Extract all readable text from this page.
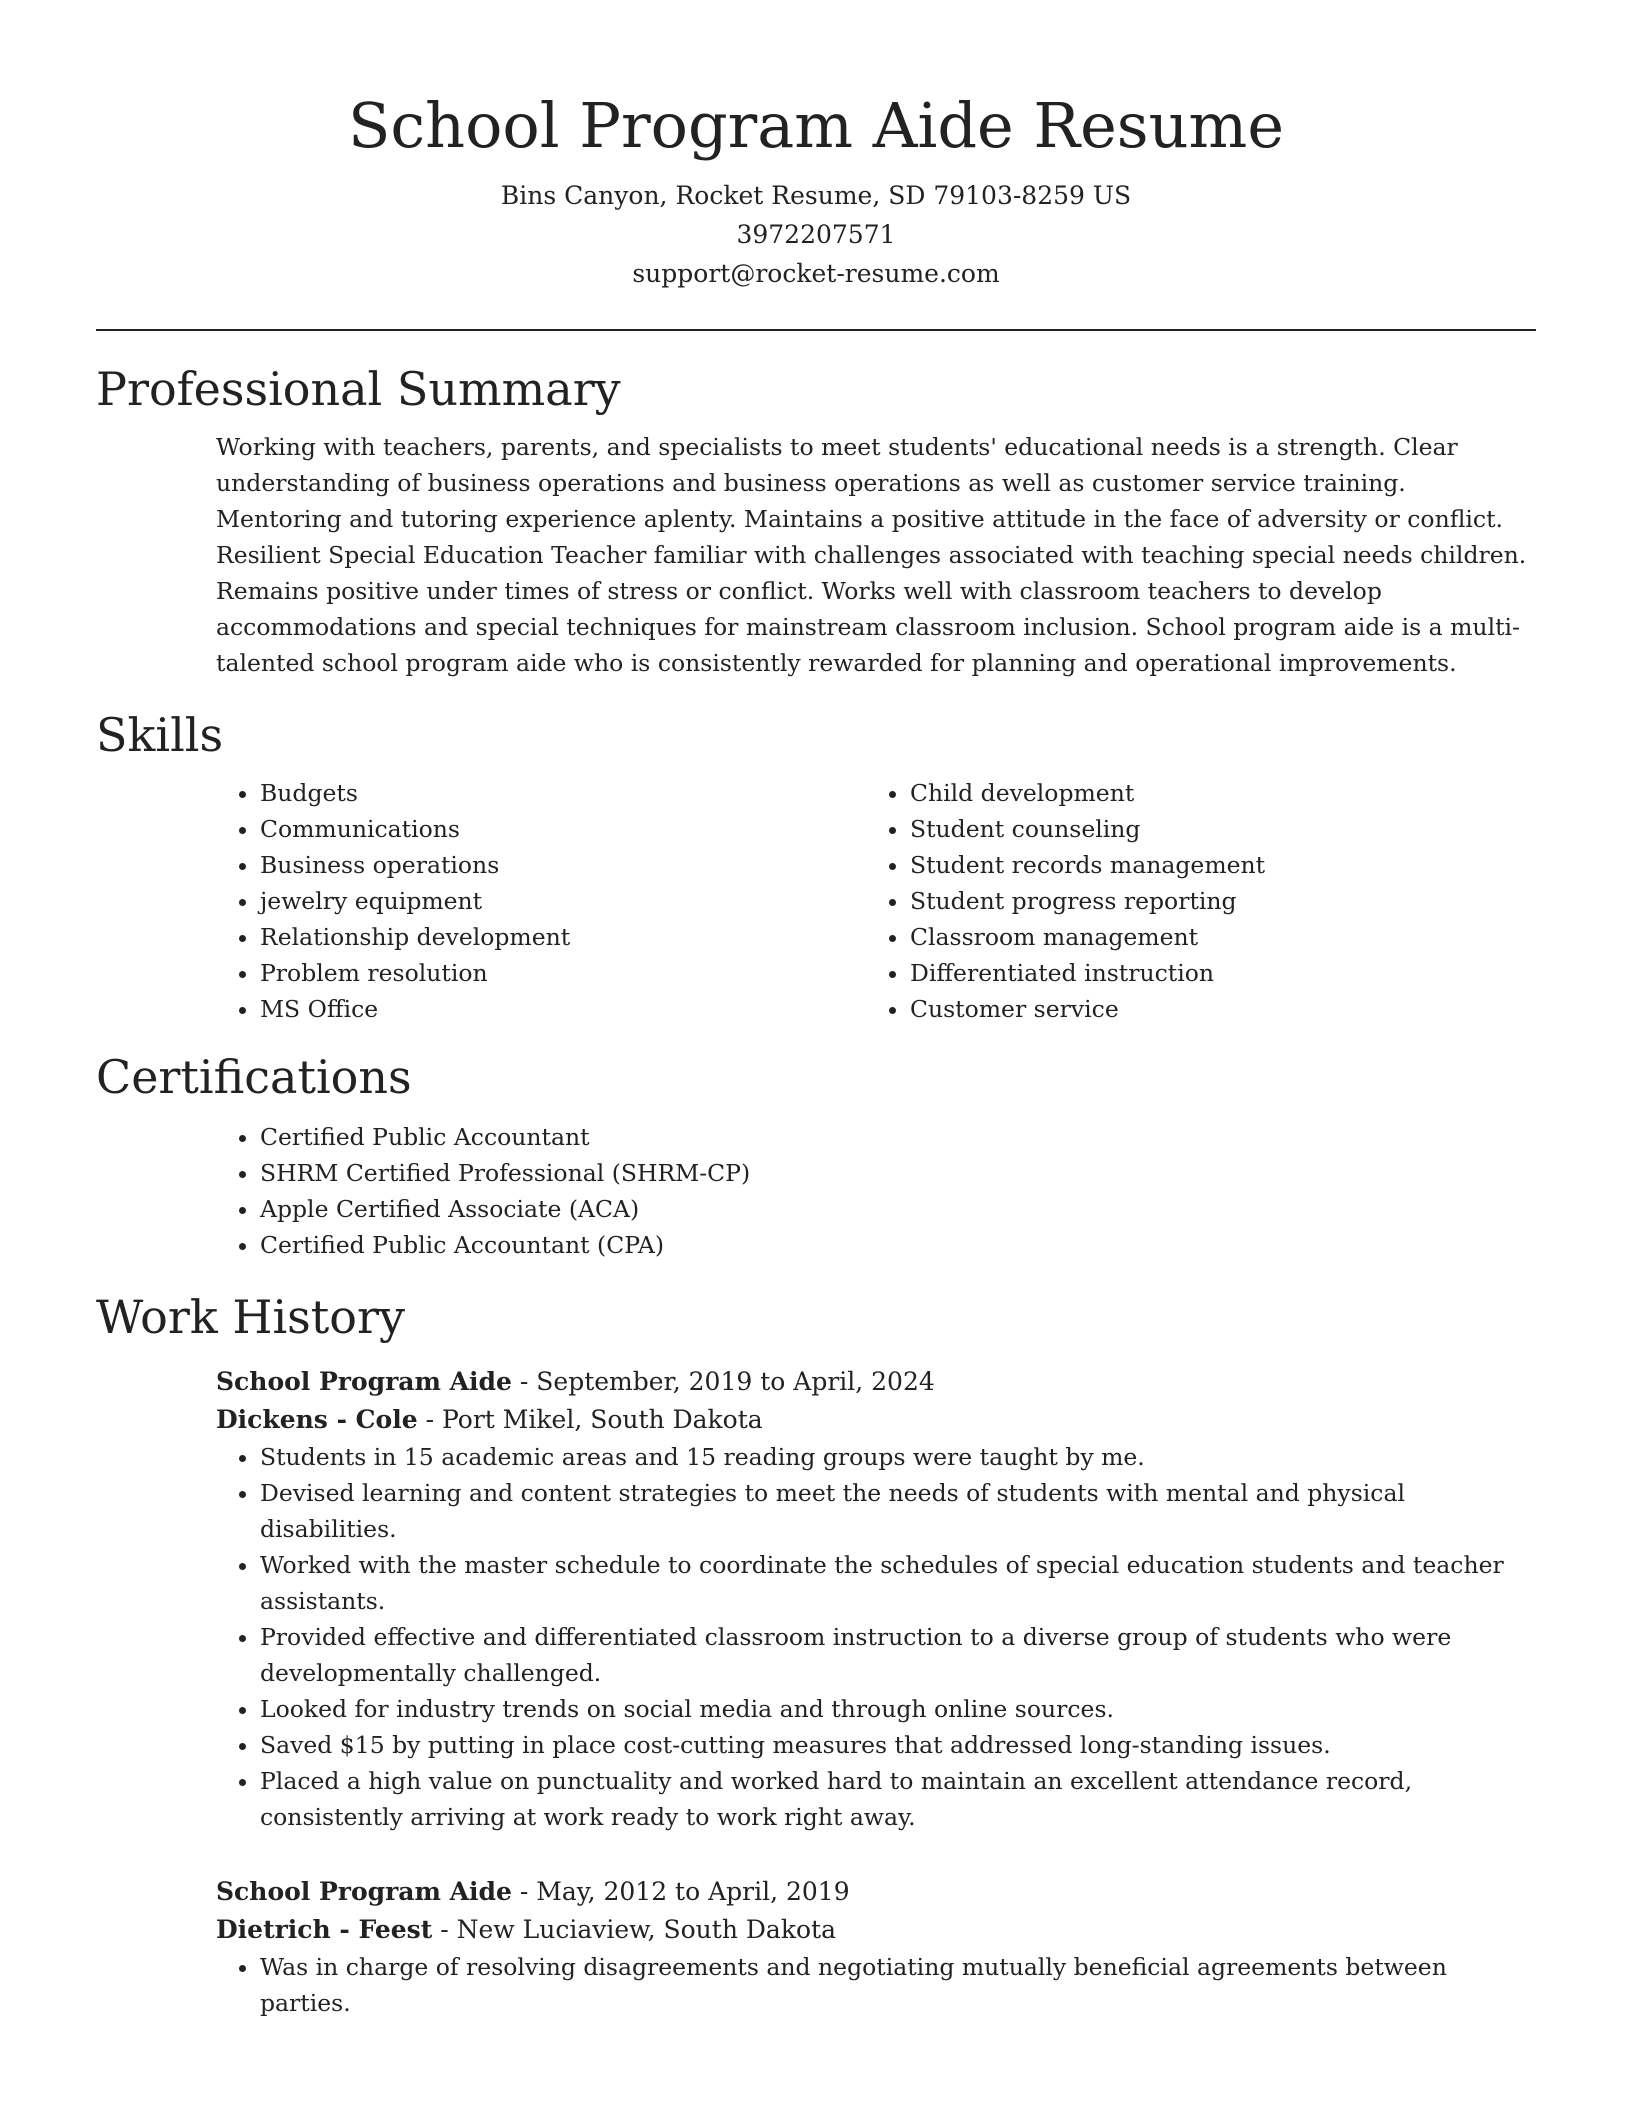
School Program Aide Resume

Bins Canyon, Rocket Resume, SD 79103-8259 US

3972207571

support@rocket-resume.com

Professional Summary

Working with teachers, parents, and specialists to meet students' educational needs is a strength. Clear understanding of business operations and business operations as well as customer service training. Mentoring and tutoring experience aplenty. Maintains a positive attitude in the face of adversity or conflict. Resilient Special Education Teacher familiar with challenges associated with teaching special needs children. Remains positive under times of stress or conflict. Works well with classroom teachers to develop accommodations and special techniques for mainstream classroom inclusion. School program aide is a multi-talented school program aide who is consistently rewarded for planning and operational improvements.

Skills
• Budgets
• Communications
• Business operations
• jewelry equipment
• Relationship development
• Problem resolution
• MS Office
• Child development
• Student counseling
• Student records management
• Student progress reporting
• Classroom management
• Differentiated instruction
• Customer service
Certifications
• Certified Public Accountant
• SHRM Certified Professional (SHRM-CP)
• Apple Certified Associate (ACA)
• Certified Public Accountant (CPA)
Work History
School Program Aide - September, 2019 to April, 2024
Dickens - Cole - Port Mikel, South Dakota
• Students in 15 academic areas and 15 reading groups were taught by me.
• Devised learning and content strategies to meet the needs of students with mental and physical disabilities.
• Worked with the master schedule to coordinate the schedules of special education students and teacher assistants.
• Provided effective and differentiated classroom instruction to a diverse group of students who were developmentally challenged.
• Looked for industry trends on social media and through online sources.
• Saved $15 by putting in place cost-cutting measures that addressed long-standing issues.
• Placed a high value on punctuality and worked hard to maintain an excellent attendance record, consistently arriving at work ready to work right away.
School Program Aide - May, 2012 to April, 2019
Dietrich - Feest - New Luciaview, South Dakota
• Was in charge of resolving disagreements and negotiating mutually beneficial agreements between parties.
